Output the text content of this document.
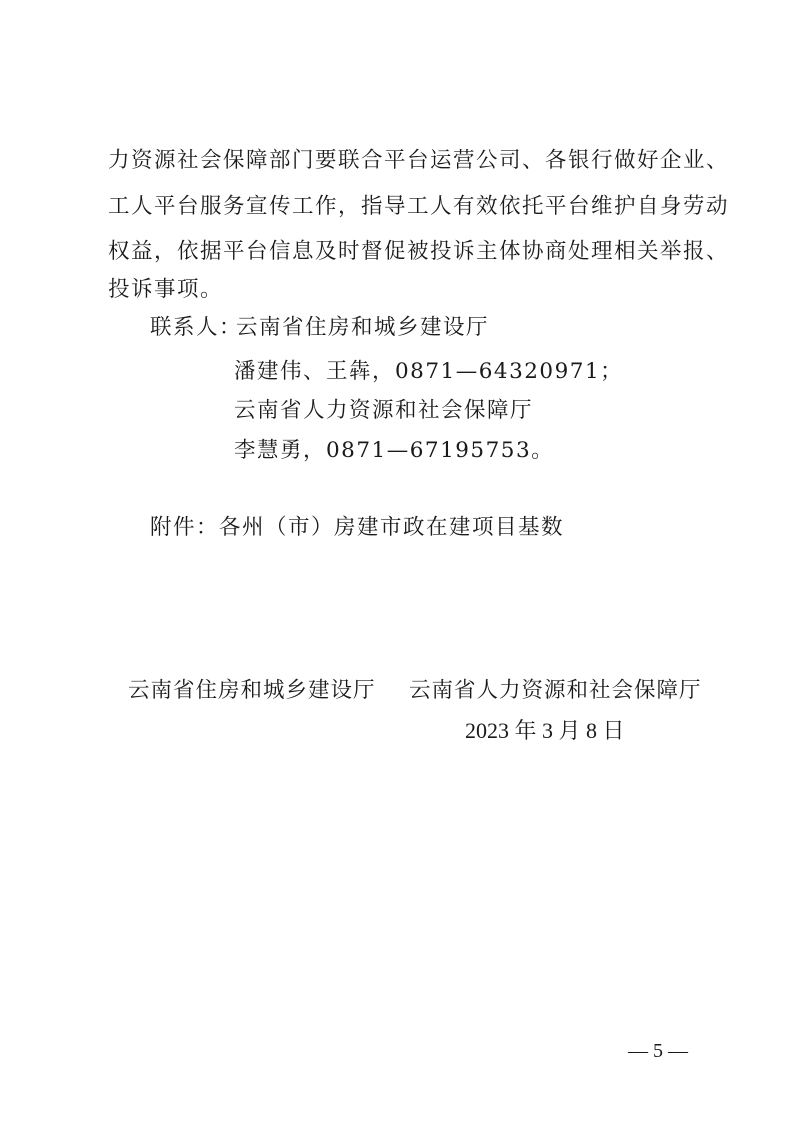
力资源社会保障部门要联合平台运营公司、各银行做好企业、
工人平台服务宣传工作，指导工人有效依托平台维护自身劳动
权益，依据平台信息及时督促被投诉主体协商处理相关举报、
投诉事项。
联系人：
云南省住房和城乡建设厅
潘建伟、王犇，0871—64320971；
云南省人力资源和社会保障厅
李慧勇，0871—67195753。
附件：各州（市）房建市政在建项目基数
云南省住房和城乡建设厅 云南省人力资源和社会保障厅
2023 年 3 月 8 日
— 5 —
